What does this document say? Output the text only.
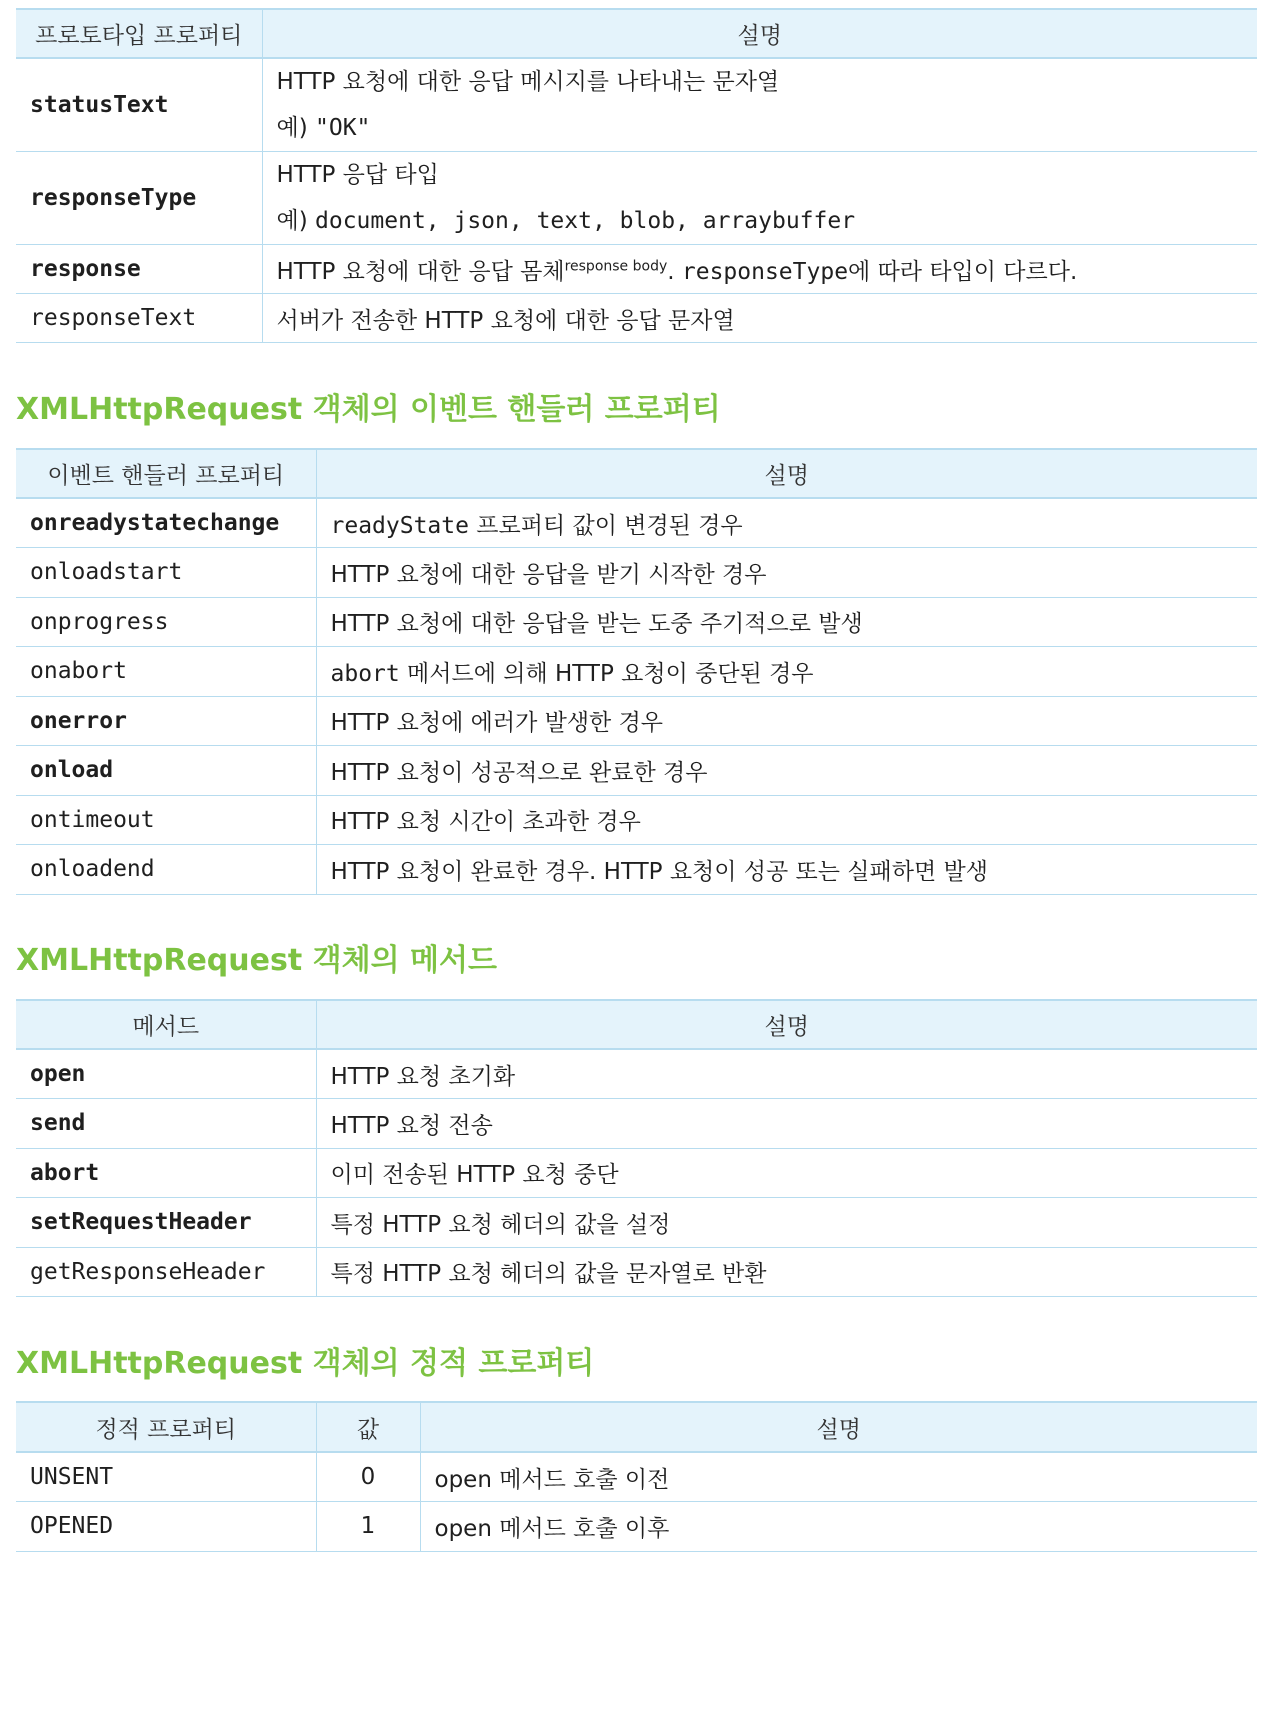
프로토타입 프로퍼티	설명
statusText	HTTP 요청에 대한 응답 메시지를 나타내는 문자열
예) "OK"

responseType	HTTP 응답 타입
예) document, json, text, blob, arraybuffer

response	HTTP 요청에 대한 응답 몸체$^{response body}$. responseType에 따라 타입이 다르다.
responseText	서버가 전송한 HTTP 요청에 대한 응답 문자열
XMLHttpRequest 객체의 이벤트 핸들러 프로퍼티
이벤트 핸들러 프로퍼티	설명
onreadystatechange	readyState 프로퍼티 값이 변경된 경우
onloadstart	HTTP 요청에 대한 응답을 받기 시작한 경우
onprogress	HTTP 요청에 대한 응답을 받는 도중 주기적으로 발생
onabort	abort 메서드에 의해 HTTP 요청이 중단된 경우
onerror	HTTP 요청에 에러가 발생한 경우
onload	HTTP 요청이 성공적으로 완료한 경우
ontimeout	HTTP 요청 시간이 초과한 경우
onloadend	HTTP 요청이 완료한 경우. HTTP 요청이 성공 또는 실패하면 발생
XMLHttpRequest 객체의 메서드
메서드	설명
open	HTTP 요청 초기화
send	HTTP 요청 전송
abort	이미 전송된 HTTP 요청 중단
setRequestHeader	특정 HTTP 요청 헤더의 값을 설정
getResponseHeader	특정 HTTP 요청 헤더의 값을 문자열로 반환
XMLHttpRequest 객체의 정적 프로퍼티
정적 프로퍼티	값	설명
UNSENT	0	open 메서드 호출 이전
OPENED	1	open 메서드 호출 이후
